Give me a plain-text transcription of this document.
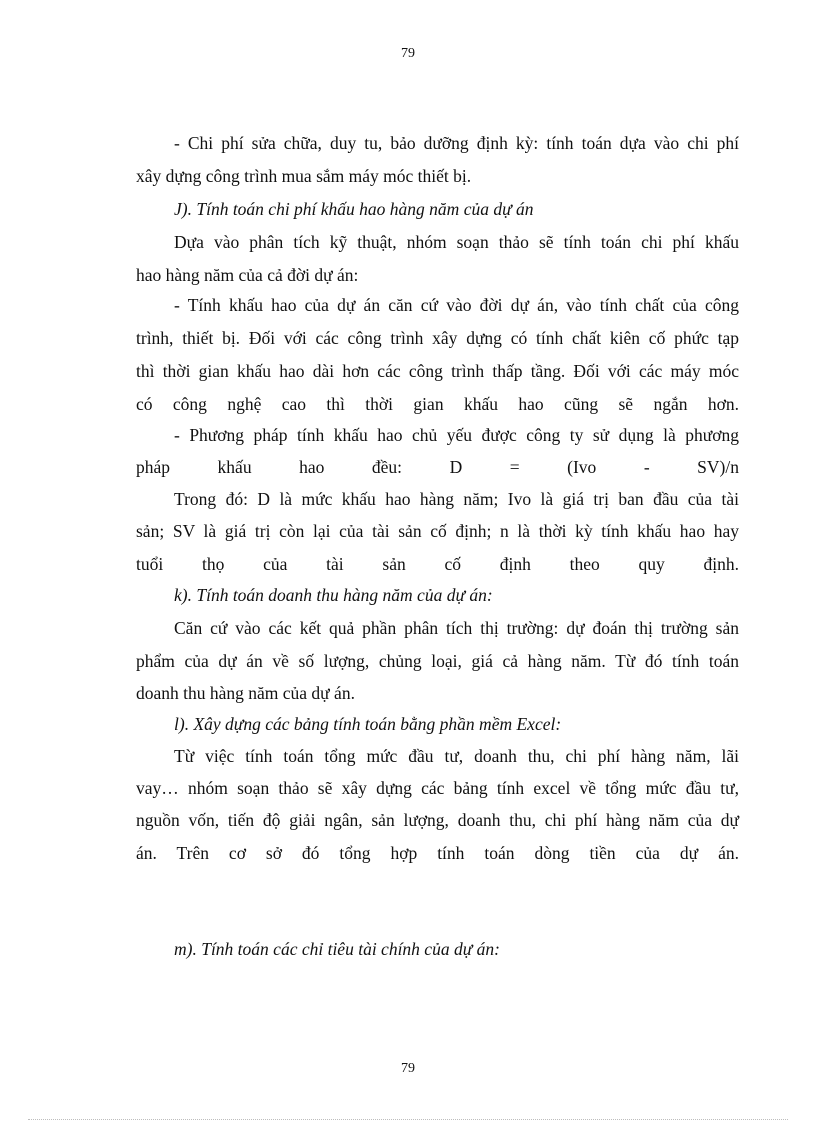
79
- Chi phí sửa chữa, duy tu, bảo dưỡng định kỳ: tính toán dựa vào chi phí
xây dựng công trình mua sắm máy móc thiết bị.
J). Tính toán chi phí khấu hao hàng năm của dự án
Dựa vào phân tích kỹ thuật, nhóm soạn thảo sẽ tính toán chi phí khấu
hao hàng năm của cả đời dự án:
- Tính khấu hao của dự án căn cứ vào đời dự án, vào tính chất của công
trình, thiết bị. Đối với các công trình xây dựng có tính chất kiên cố phức tạp
thì thời gian khấu hao dài hơn các công trình thấp tầng. Đối với các máy móc
có công nghệ cao thì thời gian khấu hao cũng sẽ ngắn hơn.
- Phương pháp tính khấu hao chủ yếu được công ty sử dụng là phương
pháp khấu hao đều: D = (Ivo - SV)/n
Trong đó: D là mức khấu hao hàng năm; Ivo là giá trị ban đầu của tài
sản; SV là giá trị còn lại của tài sản cố định; n là thời kỳ tính khấu hao hay
tuổi thọ của tài sản cố định theo quy định.
k). Tính toán doanh thu hàng năm của dự án:
Căn cứ vào các kết quả phần phân tích thị trường: dự đoán thị trường sản
phẩm của dự án về số lượng, chủng loại, giá cả hàng năm. Từ đó tính toán
doanh thu hàng năm của dự án.
l). Xây dựng các bảng tính toán bằng phần mềm Excel:
Từ việc tính toán tổng mức đầu tư, doanh thu, chi phí hàng năm, lãi
vay… nhóm soạn thảo sẽ xây dựng các bảng tính excel về tổng mức đầu tư,
nguồn vốn, tiến độ giải ngân, sản lượng, doanh thu, chi phí hàng năm của dự
án. Trên cơ sở đó tổng hợp tính toán dòng tiền của dự án.
m). Tính toán các chỉ tiêu tài chính của dự án:
79
